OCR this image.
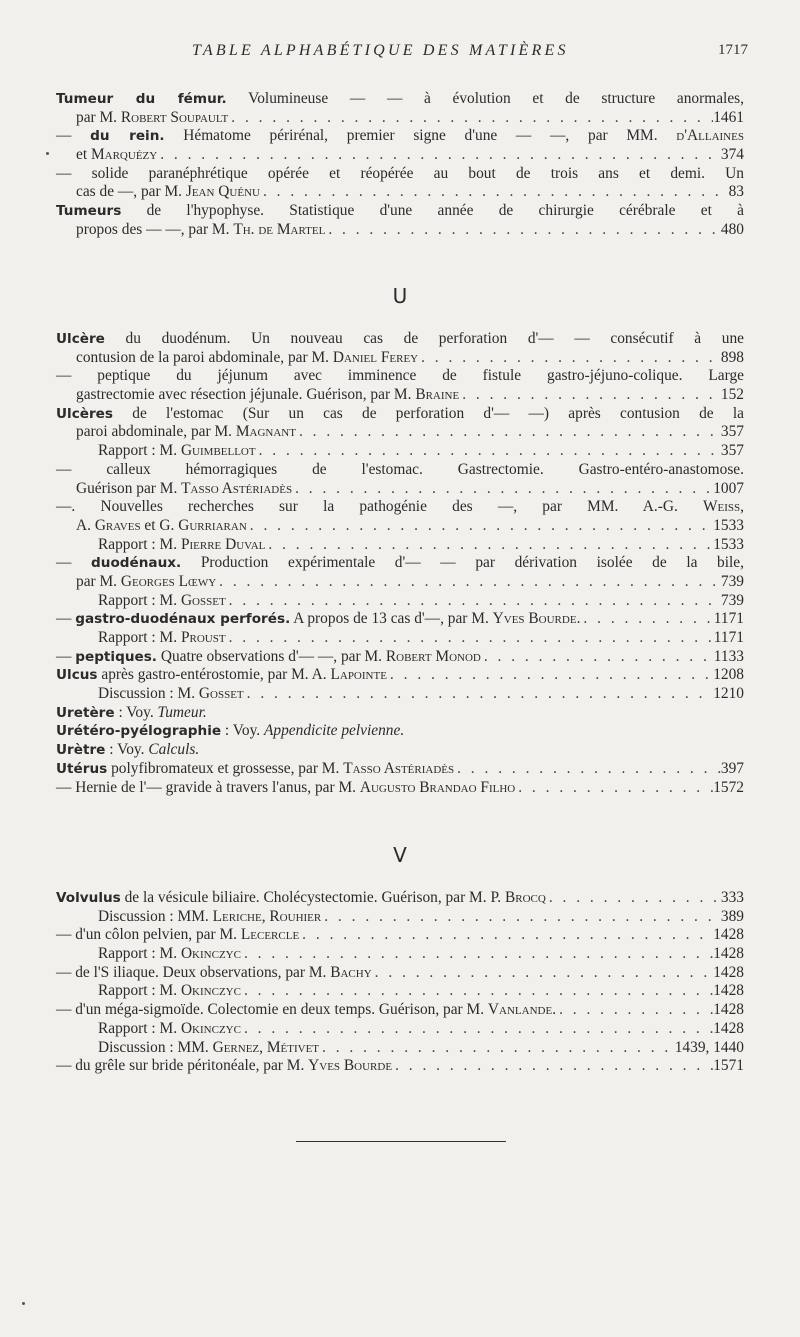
TABLE ALPHABÉTIQUE DES MATIÈRES	1717
Tumeur du fémur. Volumineuse — — à évolution et de structure anormales,
par M. Robert Soupault . . .	1461
— du rein. Hématome périrénal, premier signe d'une — —, par MM. d'Allaines
et Marquézy . . .	374
— solide paranéphrétique opérée et réopérée au bout de trois ans et demi. Un
cas de —, par M. Jean Quénu . . .	83
Tumeurs de l'hypophyse. Statistique d'une année de chirurgie cérébrale et à
propos des — —, par M. Th. de Martel . . .	480
U
Ulcère du duodénum. Un nouveau cas de perforation d'— — consécutif à une
contusion de la paroi abdominale, par M. Daniel Ferey . . .	898
— peptique du jéjunum avec imminence de fistule gastro-jéjuno-colique. Large
gastrectomie avec résection jéjunale. Guérison, par M. Braine . . .	152
Ulcères de l'estomac (Sur un cas de perforation d'— —) après contusion de la
paroi abdominale, par M. Magnant . . .	357
Rapport : M. Guimbellot . . .	357
— calleux hémorragiques de l'estomac. Gastrectomie. Gastro-entéro-anastomose.
Guérison par M. Tasso Astériadès . . .	1007
—. Nouvelles recherches sur la pathogénie des —, par MM. A.-G. Weiss,
A. Graves et G. Gurriaran . . .	1533
Rapport : M. Pierre Duval . . .	1533
— duodénaux. Production expérimentale d'— — par dérivation isolée de la bile,
par M. Georges Lœwy . . .	739
Rapport : M. Gosset . . .	739
— gastro-duodénaux perforés. A propos de 13 cas d'—, par M. Yves Bourde. . . .	1171
Rapport : M. Proust . . .	1171
— peptiques. Quatre observations d'— —, par M. Robert Monod . . .	1133
Ulcus après gastro-entérostomie, par M. A. Lapointe . . .	1208
Discussion : M. Gosset . . .	1210
Uretère : Voy. Tumeur.
Urétéro-pyélographie : Voy. Appendicite pelvienne.
Urètre : Voy. Calculs.
Utérus polyfibromateux et grossesse, par M. Tasso Astériadès . . .	397
— Hernie de l'— gravide à travers l'anus, par M. Augusto Brandao Filho . . .	1572
V
Volvulus de la vésicule biliaire. Cholécystectomie. Guérison, par M. P. Brocq . . .	333
Discussion : MM. Leriche, Rouhier . . .	389
— d'un côlon pelvien, par M. Lecercle . . .	1428
Rapport : M. Okinczyc . . .	1428
— de l'S iliaque. Deux observations, par M. Bachy . . .	1428
Rapport : M. Okinczyc . . .	1428
— d'un méga-sigmoïde. Colectomie en deux temps. Guérison, par M. Vanlande. . . .	1428
Rapport : M. Okinczyc . . .	1428
Discussion : MM. Gernez, Métivet . . .	1439, 1440
— du grêle sur bride péritonéale, par M. Yves Bourde . . .	1571
